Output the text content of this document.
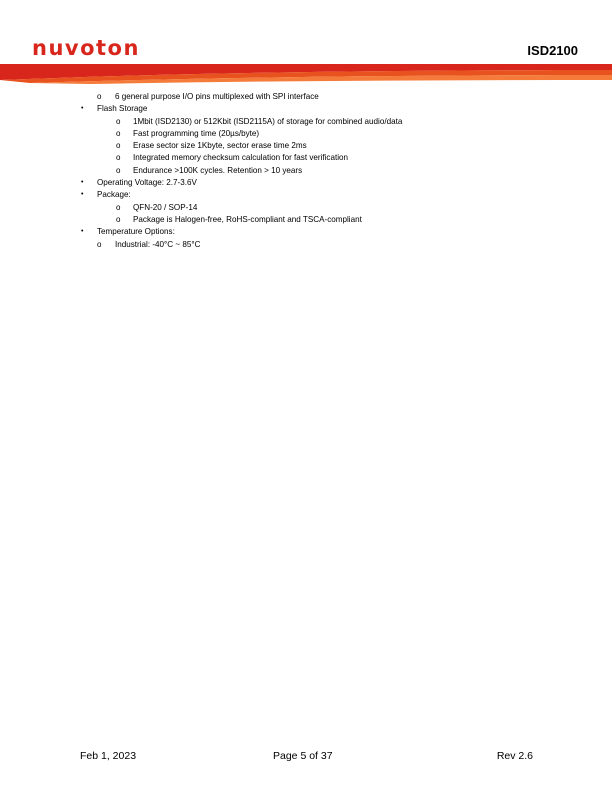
nuvoton	ISD2100
o 6 general purpose I/O pins multiplexed with SPI interface
• Flash Storage
o 1Mbit (ISD2130) or 512Kbit (ISD2115A) of storage for combined audio/data
o Fast programming time (20µs/byte)
o Erase sector size 1Kbyte, sector erase time 2ms
o Integrated memory checksum calculation for fast verification
o Endurance >100K cycles. Retention > 10 years
• Operating Voltage: 2.7-3.6V
• Package:
o QFN-20 / SOP-14
o Package is Halogen-free, RoHS-compliant and TSCA-compliant
• Temperature Options:
o Industrial: -40°C ~ 85°C
Feb 1, 2023	Page 5 of 37	Rev 2.6
